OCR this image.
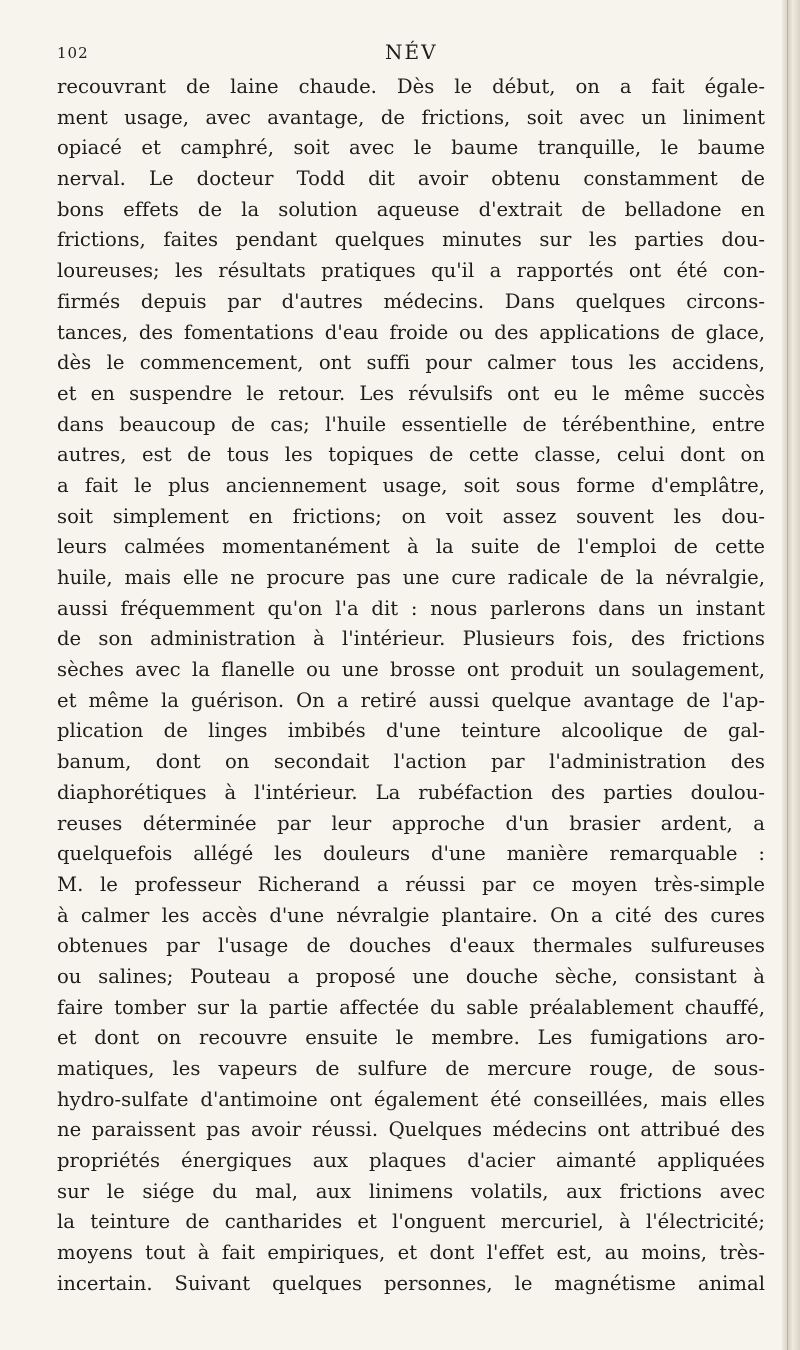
102	NÉV
recouvrant de laine chaude. Dès le début, on a fait égale-
ment usage, avec avantage, de frictions, soit avec un liniment
opiacé et camphré, soit avec le baume tranquille, le baume
nerval. Le docteur Todd dit avoir obtenu constamment de
bons effets de la solution aqueuse d'extrait de belladone en
frictions, faites pendant quelques minutes sur les parties dou-
loureuses; les résultats pratiques qu'il a rapportés ont été con-
firmés depuis par d'autres médecins. Dans quelques circons-
tances, des fomentations d'eau froide ou des applications de glace,
dès le commencement, ont suffi pour calmer tous les accidens,
et en suspendre le retour. Les révulsifs ont eu le même succès
dans beaucoup de cas; l'huile essentielle de térébenthine, entre
autres, est de tous les topiques de cette classe, celui dont on
a fait le plus anciennement usage, soit sous forme d'emplâtre,
soit simplement en frictions; on voit assez souvent les dou-
leurs calmées momentanément à la suite de l'emploi de cette
huile, mais elle ne procure pas une cure radicale de la névralgie,
aussi fréquemment qu'on l'a dit : nous parlerons dans un instant
de son administration à l'intérieur. Plusieurs fois, des frictions
sèches avec la flanelle ou une brosse ont produit un soulagement,
et même la guérison. On a retiré aussi quelque avantage de l'ap-
plication de linges imbibés d'une teinture alcoolique de gal-
banum, dont on secondait l'action par l'administration des
diaphorétiques à l'intérieur. La rubéfaction des parties doulou-
reuses déterminée par leur approche d'un brasier ardent, a
quelquefois allégé les douleurs d'une manière remarquable :
M. le professeur Richerand a réussi par ce moyen très-simple
à calmer les accès d'une névralgie plantaire. On a cité des cures
obtenues par l'usage de douches d'eaux thermales sulfureuses
ou salines; Pouteau a proposé une douche sèche, consistant à
faire tomber sur la partie affectée du sable préalablement chauffé,
et dont on recouvre ensuite le membre. Les fumigations aro-
matiques, les vapeurs de sulfure de mercure rouge, de sous-
hydro-sulfate d'antimoine ont également été conseillées, mais elles
ne paraissent pas avoir réussi. Quelques médecins ont attribué des
propriétés énergiques aux plaques d'acier aimanté appliquées
sur le siége du mal, aux linimens volatils, aux frictions avec
la teinture de cantharides et l'onguent mercuriel, à l'électricité;
moyens tout à fait empiriques, et dont l'effet est, au moins, très-
incertain. Suivant quelques personnes, le magnétisme animal
